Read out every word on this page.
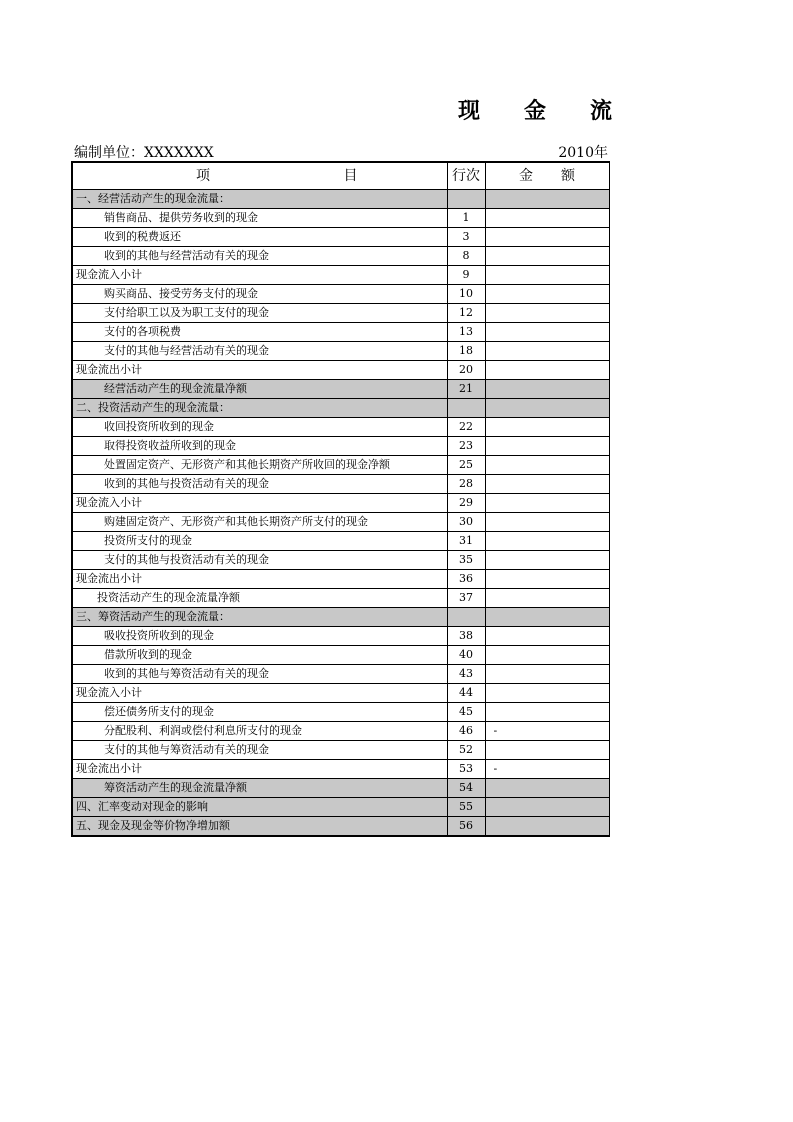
现金流
编制单位：XXXXXXX	2010年
项 目	行次	金　　额
一、经营活动产生的现金流量：		
销售商品、提供劳务收到的现金	1	
收到的税费返还	3	
收到的其他与经营活动有关的现金	8	
现金流入小计	9	
购买商品、接受劳务支付的现金	10	
支付给职工以及为职工支付的现金	12	
支付的各项税费	13	
支付的其他与经营活动有关的现金	18	
现金流出小计	20	
经营活动产生的现金流量净额	21	
二、投资活动产生的现金流量：		
收回投资所收到的现金	22	
取得投资收益所收到的现金	23	
处置固定资产、无形资产和其他长期资产所收回的现金净额	25	
收到的其他与投资活动有关的现金	28	
现金流入小计	29	
购建固定资产、无形资产和其他长期资产所支付的现金	30	
投资所支付的现金	31	
支付的其他与投资活动有关的现金	35	
现金流出小计	36	
投资活动产生的现金流量净额	37	
三、筹资活动产生的现金流量：		
吸收投资所收到的现金	38	
借款所收到的现金	40	
收到的其他与筹资活动有关的现金	43	
现金流入小计	44	
偿还债务所支付的现金	45	
分配股利、利润或偿付利息所支付的现金	46	-
支付的其他与筹资活动有关的现金	52	
现金流出小计	53	-
筹资活动产生的现金流量净额	54	
四、汇率变动对现金的影响	55	
五、现金及现金等价物净增加额	56	
